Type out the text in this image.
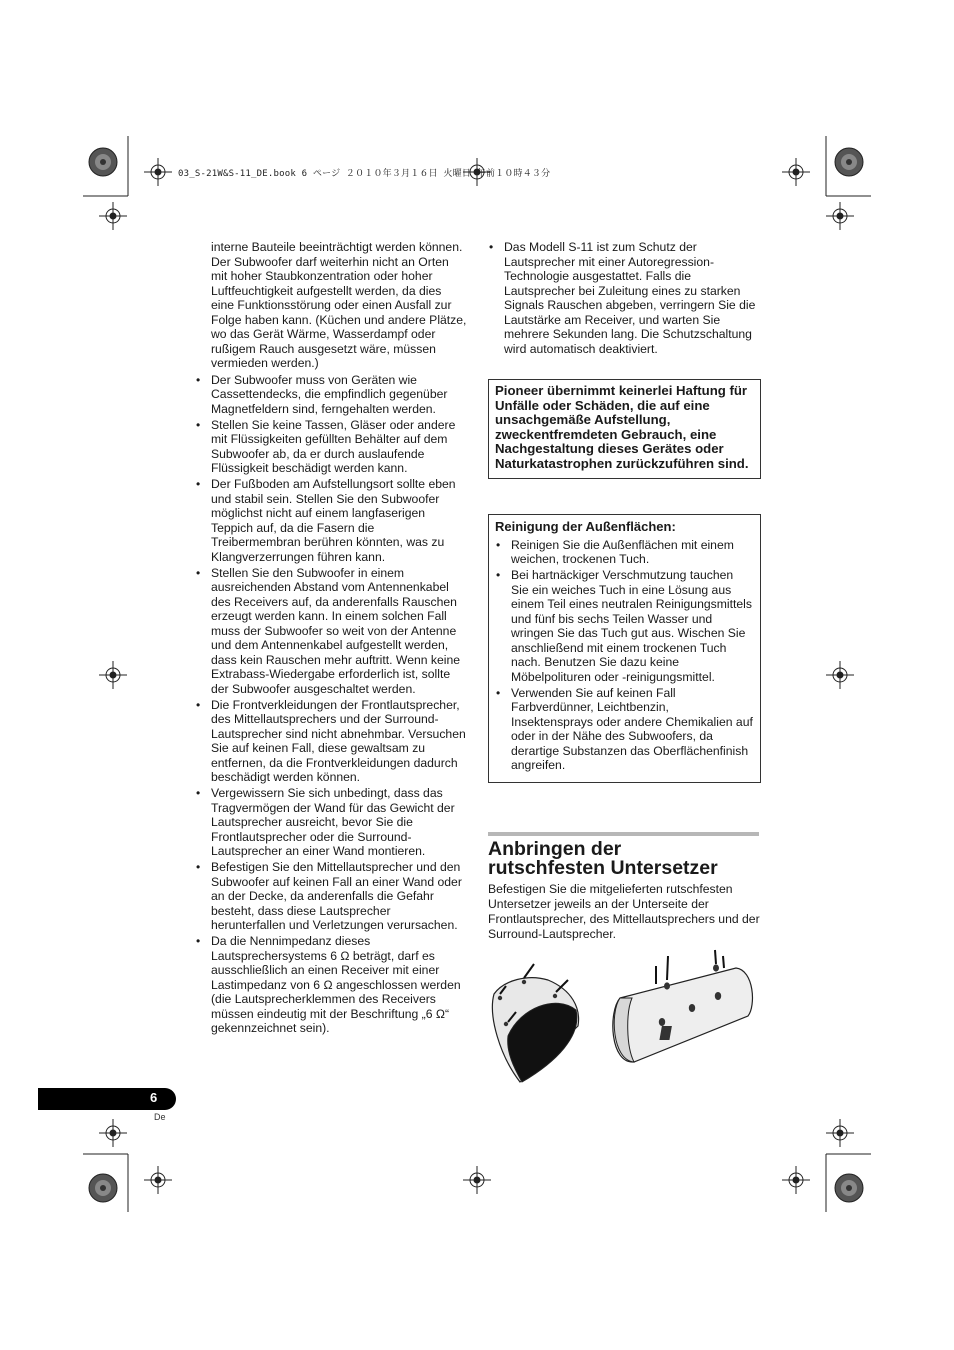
03_S-21W&S-11_DE.book 6 ページ ２０１０年３月１６日 火曜日 午前１０時４３分

interne Bauteile beeinträchtigt werden können. Der Subwoofer darf weiterhin nicht an Orten mit hoher Staubkonzentration oder hoher Luftfeuchtigkeit aufgestellt werden, da dies eine Funktionsstörung oder einen Ausfall zur Folge haben kann. (Küchen und andere Plätze, wo das Gerät Wärme, Wasserdampf oder rußigem Rauch ausgesetzt wäre, müssen vermieden werden.)

• Der Subwoofer muss von Geräten wie Cassettendecks, die empfindlich gegenüber Magnetfeldern sind, ferngehalten werden.
• Stellen Sie keine Tassen, Gläser oder andere mit Flüssigkeiten gefüllten Behälter auf dem Subwoofer ab, da er durch auslaufende Flüssigkeit beschädigt werden kann.
• Der Fußboden am Aufstellungsort sollte eben und stabil sein. Stellen Sie den Subwoofer möglichst nicht auf einem langfaserigen Teppich auf, da die Fasern die Treibermembran berühren könnten, was zu Klangverzerrungen führen kann.
• Stellen Sie den Subwoofer in einem ausreichenden Abstand vom Antennenkabel des Receivers auf, da anderenfalls Rauschen erzeugt werden kann. In einem solchen Fall muss der Subwoofer so weit von der Antenne und dem Antennenkabel aufgestellt werden, dass kein Rauschen mehr auftritt. Wenn keine Extrabass-Wiedergabe erforderlich ist, sollte der Subwoofer ausgeschaltet werden.
• Die Frontverkleidungen der Frontlautsprecher, des Mittellautsprechers und der Surround-Lautsprecher sind nicht abnehmbar. Versuchen Sie auf keinen Fall, diese gewaltsam zu entfernen, da die Frontverkleidungen dadurch beschädigt werden können.
• Vergewissern Sie sich unbedingt, dass das Tragvermögen der Wand für das Gewicht der Lautsprecher ausreicht, bevor Sie die Frontlautsprecher oder die Surround-Lautsprecher an einer Wand montieren.
• Befestigen Sie den Mittellautsprecher und den Subwoofer auf keinen Fall an einer Wand oder an der Decke, da anderenfalls die Gefahr besteht, dass diese Lautsprecher herunterfallen und Verletzungen verursachen.
• Da die Nennimpedanz dieses Lautsprechersystems 6 Ω beträgt, darf es ausschließlich an einen Receiver mit einer Lastimpedanz von 6 Ω angeschlossen werden (die Lautsprecherklemmen des Receivers müssen eindeutig mit der Beschriftung „6 Ω“ gekennzeichnet sein).
• Das Modell S-11 ist zum Schutz der Lautsprecher mit einer Autoregression-Technologie ausgestattet. Falls die Lautsprecher bei Zuleitung eines zu starken Signals Rauschen abgeben, verringern Sie die Lautstärke am Receiver, und warten Sie mehrere Sekunden lang. Die Schutzschaltung wird automatisch deaktiviert.
Pioneer übernimmt keinerlei Haftung für Unfälle oder Schäden, die auf eine unsachgemäße Aufstellung, zweckentfremdeten Gebrauch, eine Nachgestaltung dieses Gerätes oder Naturkatastrophen zurückzuführen sind.
Reinigung der Außenflächen:
• Reinigen Sie die Außenflächen mit einem weichen, trockenen Tuch.
• Bei hartnäckiger Verschmutzung tauchen Sie ein weiches Tuch in eine Lösung aus einem Teil eines neutralen Reinigungsmittels und fünf bis sechs Teilen Wasser und wringen Sie das Tuch gut aus. Wischen Sie anschließend mit einem trockenen Tuch nach. Benutzen Sie dazu keine Möbelpolituren oder -reinigungsmittel.
• Verwenden Sie auf keinen Fall Farbverdünner, Leichtbenzin, Insektensprays oder andere Chemikalien auf oder in der Nähe des Subwoofers, da derartige Substanzen das Oberflächenfinish angreifen.
Anbringen der
rutschfesten Untersetzer
Befestigen Sie die mitgelieferten rutschfesten Untersetzer jeweils an der Unterseite der Frontlautsprecher, des Mittellautsprechers und der Surround-Lautsprecher.
6
De
